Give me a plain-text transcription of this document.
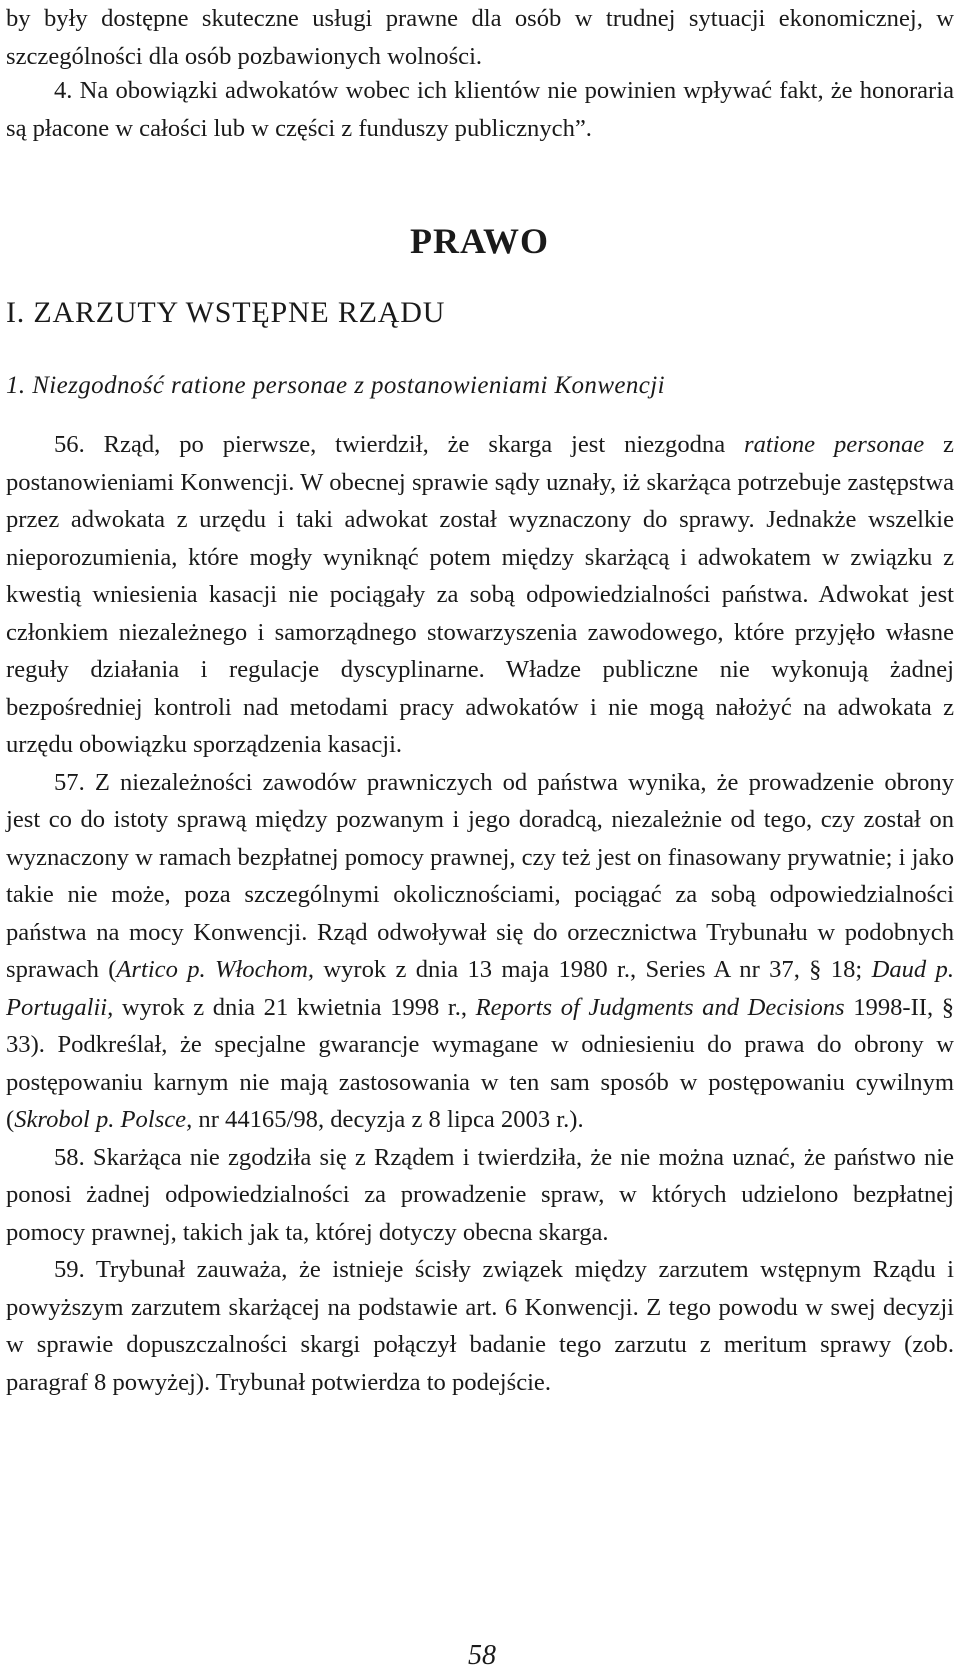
by były dostępne skuteczne usługi prawne dla osób w trudnej sytuacji ekonomicznej, w szczególności dla osób pozbawionych wolności.

4. Na obowiązki adwokatów wobec ich klientów nie powinien wpływać fakt, że honoraria są płacone w całości lub w części z funduszy publicznych”.

PRAWO
I. ZARZUTY WSTĘPNE RZĄDU
1. Niezgodność ratione personae z postanowieniami Konwencji

56. Rząd, po pierwsze, twierdził, że skarga jest niezgodna ratione personae z postanowieniami Konwencji. W obecnej sprawie sądy uznały, iż skarżąca potrzebuje zastępstwa przez adwokata z urzędu i taki adwokat został wyznaczony do sprawy. Jednakże wszelkie nieporozumienia, które mogły wyniknąć potem między skarżącą i adwokatem w związku z kwestią wniesienia kasacji nie pociągały za sobą odpowiedzialności państwa. Adwokat jest członkiem niezależnego i samorządnego stowarzyszenia zawodowego, które przyjęło własne reguły działania i regulacje dyscyplinarne. Władze publiczne nie wykonują żadnej bezpośredniej kontroli nad metodami pracy adwokatów i nie mogą nałożyć na adwokata z urzędu obowiązku sporządzenia kasacji.

57. Z niezależności zawodów prawniczych od państwa wynika, że prowadzenie obrony jest co do istoty sprawą między pozwanym i jego doradcą, niezależnie od tego, czy został on wyznaczony w ramach bezpłatnej pomocy prawnej, czy też jest on finasowany prywatnie; i jako takie nie może, poza szczególnymi okolicznościami, pociągać za sobą odpowiedzialności państwa na mocy Konwencji. Rząd odwoływał się do orzecznictwa Trybunału w podobnych sprawach (Artico p. Włochom, wyrok z dnia 13 maja 1980 r., Series A nr 37, § 18; Daud p. Portugalii, wyrok z dnia 21 kwietnia 1998 r., Reports of Judgments and Decisions 1998-II, § 33). Podkreślał, że specjalne gwarancje wymagane w odniesieniu do prawa do obrony w postępowaniu karnym nie mają zastosowania w ten sam sposób w postępowaniu cywilnym (Skrobol p. Polsce, nr 44165/98, decyzja z 8 lipca 2003 r.).

58. Skarżąca nie zgodziła się z Rządem i twierdziła, że nie można uznać, że państwo nie ponosi żadnej odpowiedzialności za prowadzenie spraw, w których udzielono bezpłatnej pomocy prawnej, takich jak ta, której dotyczy obecna skarga.

59. Trybunał zauważa, że istnieje ścisły związek między zarzutem wstępnym Rządu i powyższym zarzutem skarżącej na podstawie art. 6 Konwencji. Z tego powodu w swej decyzji w sprawie dopuszczalności skargi połączył badanie tego zarzutu z meritum sprawy (zob. paragraf 8 powyżej). Trybunał potwierdza to podejście.

58
